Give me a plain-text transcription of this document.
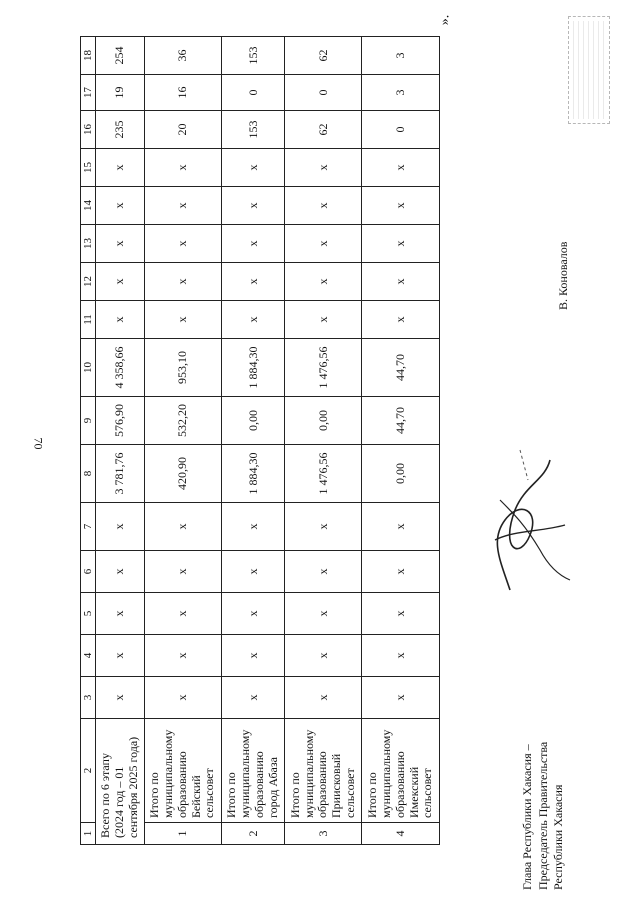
70
».
1	2	3	4	5	6	7	8	9	10	11	12	13	14	15	16	17	18
Всего по 6 этапу (2024 год – 01 сентября 2025 года)		x	x	x	x	x	3 781,76	576,90	4 358,66	x	x	x	x	x	235	19	254
1	Итого по муниципальному образованию Бейский сельсовет	x	x	x	x	x	420,90	532,20	953,10	x	x	x	x	x	20	16	36
2	Итого по муниципальному образованию город Абаза	x	x	x	x	x	1 884,30	0,00	1 884,30	x	x	x	x	x	153	0	153
3	Итого по муниципальному образованию Приисковый сельсовет	x	x	x	x	x	1 476,56	0,00	1 476,56	x	x	x	x	x	62	0	62
4	Итого по муниципальному образованию Имекский сельсовет	x	x	x	x	x	0,00	44,70	44,70	x	x	x	x	x	0	3	3
Глава Республики Хакасия – Председатель Правительства Республики Хакасия
В. Коновалов
